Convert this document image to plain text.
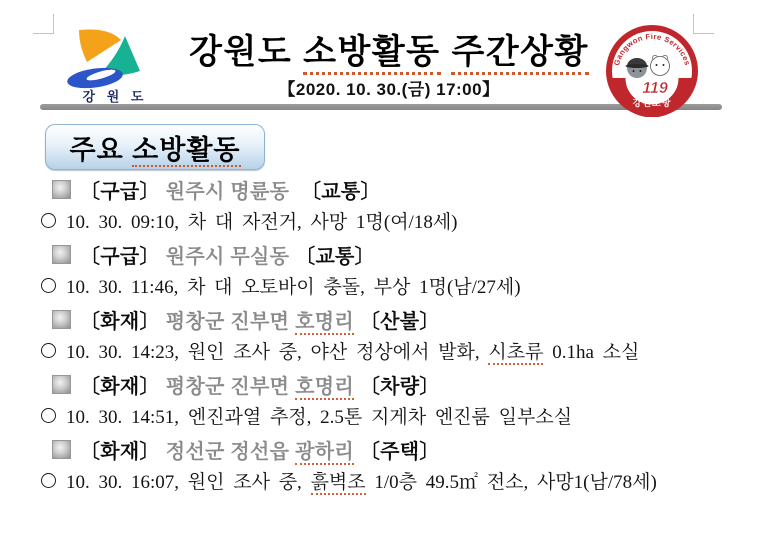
강 원 도
강원도 소방활동 주간상황
【2020. 10. 30.(금) 17:00】
Gangwon Fire Services
119
강원소방
주요 소방활동
〔구급〕 원주시 명륜동  〔교통〕
10. 30. 09:10, 차 대 자전거, 사망 1명(여/18세)
〔구급〕 원주시 무실동 〔교통〕
10. 30. 11:46, 차 대 오토바이 충돌, 부상 1명(남/27세)
〔화재〕 평창군 진부면 호명리 〔산불〕
10. 30. 14:23, 원인 조사 중, 야산 정상에서 발화, 시초류 0.1ha 소실
〔화재〕 평창군 진부면 호명리 〔차량〕
10. 30. 14:51, 엔진과열 추정, 2.5톤 지게차 엔진룸 일부소실
〔화재〕 정선군 정선읍 광하리 〔주택〕
10. 30. 16:07, 원인 조사 중, 흙벽조 1/0층 49.5㎡ 전소, 사망1(남/78세)
